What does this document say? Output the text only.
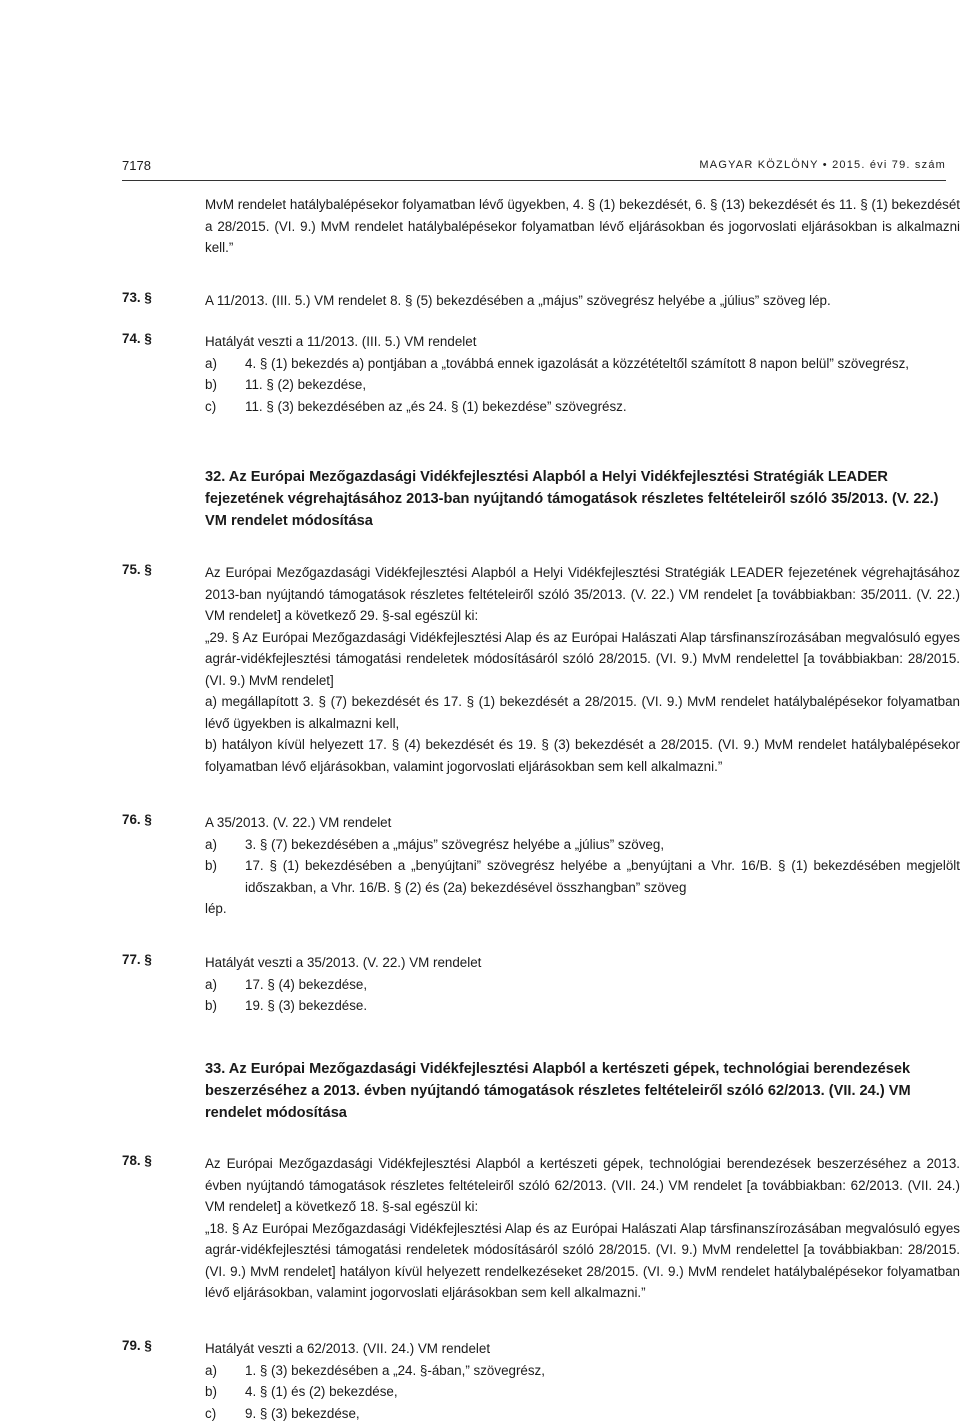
7178	MAGYAR KÖZLÖNY • 2015. évi 79. szám

MvM rendelet hatálybalépésekor folyamatban lévő ügyekben, 4. § (1) bekezdését, 6. § (13) bekezdését és 11. § (1) bekezdését a 28/2015. (VI. 9.) MvM rendelet hatálybalépésekor folyamatban lévő eljárásokban és jogorvoslati eljárásokban is alkalmazni kell.”

73. §	A 11/2013. (III. 5.) VM rendelet 8. § (5) bekezdésében a „május” szövegrész helyébe a „július” szöveg lép.

74. §	Hatályát veszti a 11/2013. (III. 5.) VM rendelet

a) 4. § (1) bekezdés a) pontjában a „továbbá ennek igazolását a közzétételtől számított 8 napon belül” szövegrész,
b) 11. § (2) bekezdése,
c) 11. § (3) bekezdésében az „és 24. § (1) bekezdése” szövegrész.
32. Az Európai Mezőgazdasági Vidékfejlesztési Alapból a Helyi Vidékfejlesztési Stratégiák LEADER fejezetének végrehajtásához 2013-ban nyújtandó támogatások részletes feltételeiről szóló 35/2013. (V. 22.) VM rendelet módosítása
75. §	Az Európai Mezőgazdasági Vidékfejlesztési Alapból a Helyi Vidékfejlesztési Stratégiák LEADER fejezetének végrehajtásához 2013-ban nyújtandó támogatások részletes feltételeiről szóló 35/2013. (V. 22.) VM rendelet [a továbbiakban: 35/2011. (V. 22.) VM rendelet] a következő 29. §-sal egészül ki:

„29. § Az Európai Mezőgazdasági Vidékfejlesztési Alap és az Európai Halászati Alap társfinanszírozásában megvalósuló egyes agrár-vidékfejlesztési támogatási rendeletek módosításáról szóló 28/2015. (VI. 9.) MvM rendelettel [a továbbiakban: 28/2015. (VI. 9.) MvM rendelet]

a) megállapított 3. § (7) bekezdését és 17. § (1) bekezdését a 28/2015. (VI. 9.) MvM rendelet hatálybalépésekor folyamatban lévő ügyekben is alkalmazni kell,

b) hatályon kívül helyezett 17. § (4) bekezdését és 19. § (3) bekezdését a 28/2015. (VI. 9.) MvM rendelet hatálybalépésekor folyamatban lévő eljárásokban, valamint jogorvoslati eljárásokban sem kell alkalmazni.”

76. §	A 35/2013. (V. 22.) VM rendelet

a) 3. § (7) bekezdésében a „május” szövegrész helyébe a „július” szöveg,
b) 17. § (1) bekezdésében a „benyújtani” szövegrész helyébe a „benyújtani a Vhr. 16/B. § (1) bekezdésében megjelölt időszakban, a Vhr. 16/B. § (2) és (2a) bekezdésével összhangban” szöveg

lép.

77. §	Hatályát veszti a 35/2013. (V. 22.) VM rendelet

a) 17. § (4) bekezdése,
b) 19. § (3) bekezdése.
33. Az Európai Mezőgazdasági Vidékfejlesztési Alapból a kertészeti gépek, technológiai berendezések beszerzéséhez a 2013. évben nyújtandó támogatások részletes feltételeiről szóló 62/2013. (VII. 24.) VM rendelet módosítása
78. §	Az Európai Mezőgazdasági Vidékfejlesztési Alapból a kertészeti gépek, technológiai berendezések beszerzéséhez a 2013. évben nyújtandó támogatások részletes feltételeiről szóló 62/2013. (VII. 24.) VM rendelet [a továbbiakban: 62/2013. (VII. 24.) VM rendelet] a következő 18. §-sal egészül ki:

„18. § Az Európai Mezőgazdasági Vidékfejlesztési Alap és az Európai Halászati Alap társfinanszírozásában megvalósuló egyes agrár-vidékfejlesztési támogatási rendeletek módosításáról szóló 28/2015. (VI. 9.) MvM rendelettel [a továbbiakban: 28/2015. (VI. 9.) MvM rendelet] hatályon kívül helyezett rendelkezéseket 28/2015. (VI. 9.) MvM rendelet hatálybalépésekor folyamatban lévő eljárásokban, valamint jogorvoslati eljárásokban sem kell alkalmazni.”

79. §	Hatályát veszti a 62/2013. (VII. 24.) VM rendelet

a) 1. § (3) bekezdésében a „24. §-ában,” szövegrész,
b) 4. § (1) és (2) bekezdése,
c) 9. § (3) bekezdése,
